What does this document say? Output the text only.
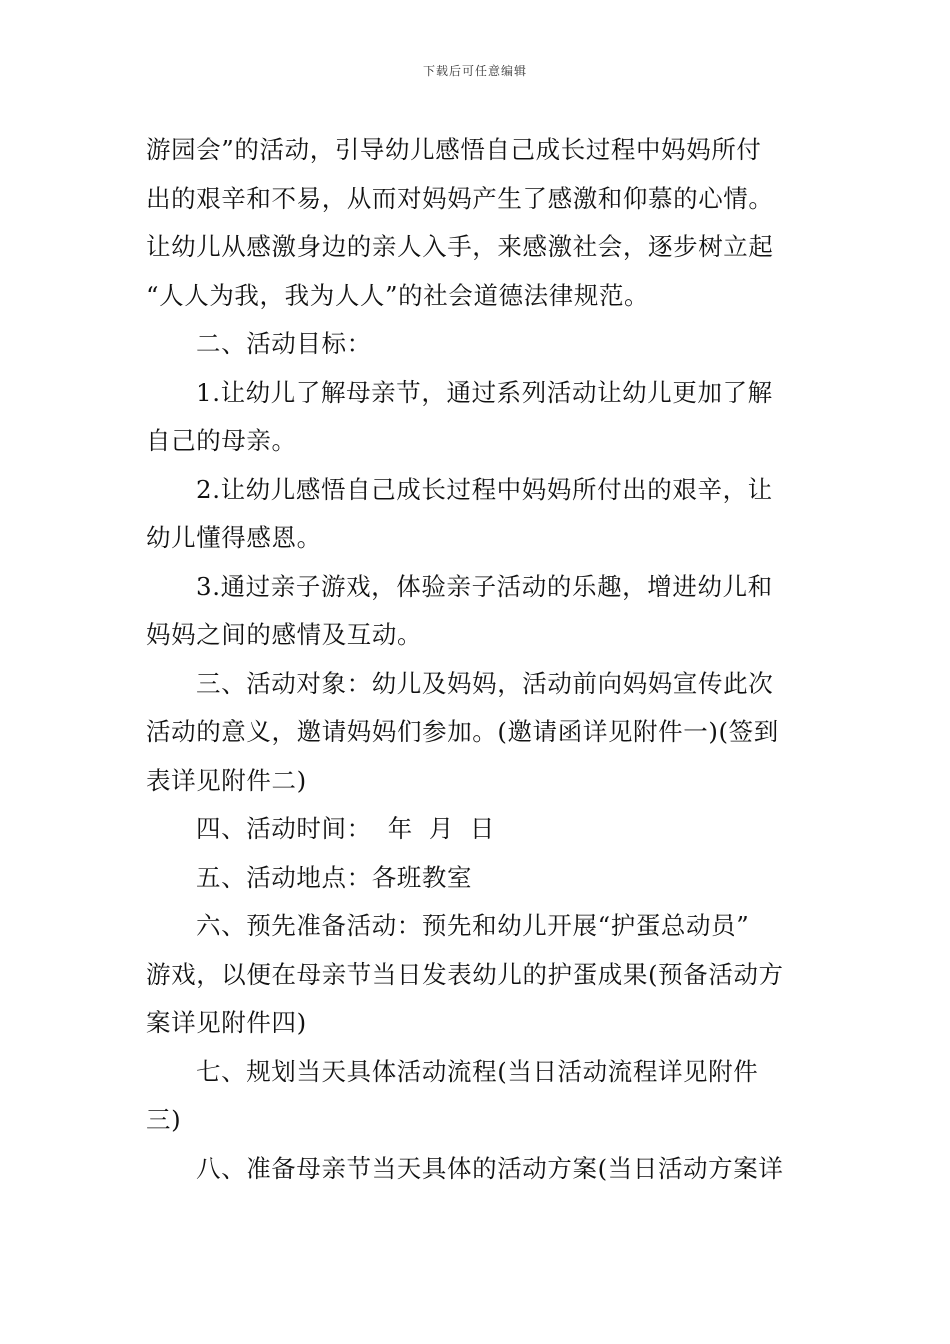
下载后可任意编辑
游园会”的活动，引导幼儿感悟自己成长过程中妈妈所付
出的艰辛和不易，从而对妈妈产生了感激和仰慕的心情。
让幼儿从感激身边的亲人入手，来感激社会，逐步树立起
“人人为我，我为人人”的社会道德法律规范。
二、活动目标：
1.让幼儿了解母亲节，通过系列活动让幼儿更加了解
自己的母亲。
2.让幼儿感悟自己成长过程中妈妈所付出的艰辛，让
幼儿懂得感恩。
3.通过亲子游戏，体验亲子活动的乐趣，增进幼儿和
妈妈之间的感情及互动。
三、活动对象：幼儿及妈妈，活动前向妈妈宣传此次
活动的意义，邀请妈妈们参加。(邀请函详见附件一)(签到
表详见附件二)
四、活动时间： 年 月 日
五、活动地点：各班教室
六、预先准备活动：预先和幼儿开展“护蛋总动员”
游戏，以便在母亲节当日发表幼儿的护蛋成果(预备活动方
案详见附件四)
七、规划当天具体活动流程(当日活动流程详见附件
三)
八、准备母亲节当天具体的活动方案(当日活动方案详
